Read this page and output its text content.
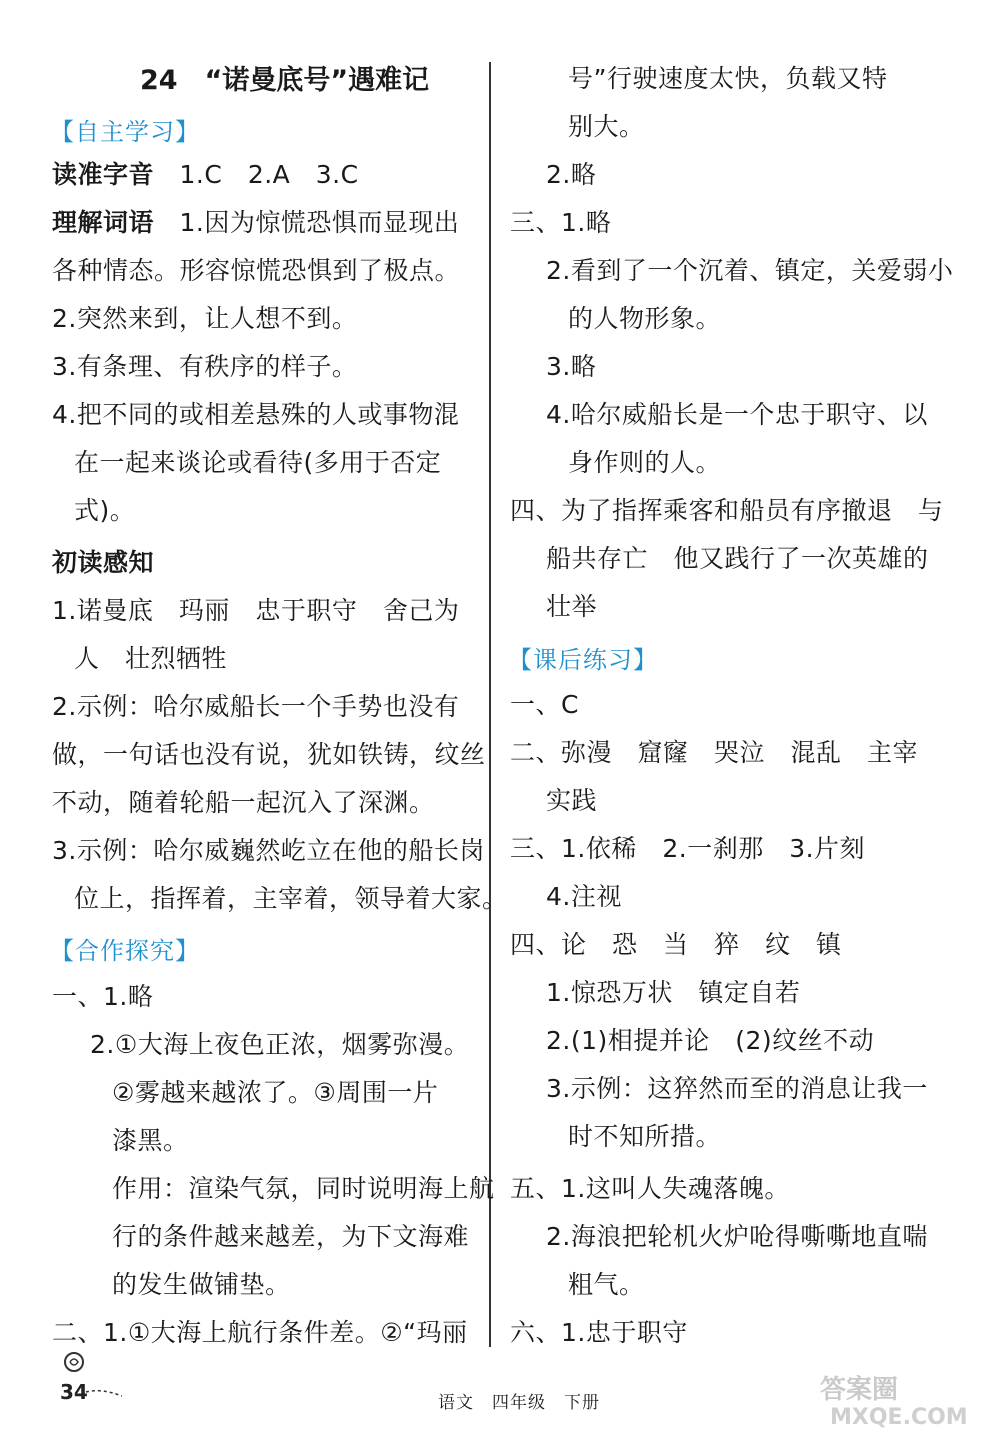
24　“诺曼底号”遇难记
【自主学习】
读准字音　1.C　2.A　3.C
理解词语　1.因为惊慌恐惧而显现出
各种情态。形容惊慌恐惧到了极点。
2.突然来到，让人想不到。
3.有条理、有秩序的样子。
4.把不同的或相差悬殊的人或事物混
在一起来谈论或看待(多用于否定
式)。
初读感知
1.诺曼底　玛丽　忠于职守　舍己为
人　壮烈牺牲
2.示例：哈尔威船长一个手势也没有
做，一句话也没有说，犹如铁铸，纹丝
不动，随着轮船一起沉入了深渊。
3.示例：哈尔威巍然屹立在他的船长岗
位上，指挥着，主宰着，领导着大家。
【合作探究】
一、1.略
2.①大海上夜色正浓，烟雾弥漫。
②雾越来越浓了。③周围一片
漆黑。
作用：渲染气氛，同时说明海上航
行的条件越来越差，为下文海难
的发生做铺垫。
二、1.①大海上航行条件差。②“玛丽
号”行驶速度太快，负载又特
别大。
2.略
三、1.略
2.看到了一个沉着、镇定，关爱弱小
的人物形象。
3.略
4.哈尔威船长是一个忠于职守、以
身作则的人。
四、为了指挥乘客和船员有序撤退　与
船共存亡　他又践行了一次英雄的
壮举
【课后练习】
一、C
二、弥漫　窟窿　哭泣　混乱　主宰
实践
三、1.依稀　2.一刹那　3.片刻
4.注视
四、论　恐　当　猝　纹　镇
1.惊恐万状　镇定自若
2.(1)相提并论　(2)纹丝不动
3.示例：这猝然而至的消息让我一
时不知所措。
五、1.这叫人失魂落魄。
2.海浪把轮机火炉呛得嘶嘶地直喘
粗气。
六、1.忠于职守
34	语文　四年级　下册	答案圈
MXQE.COM
